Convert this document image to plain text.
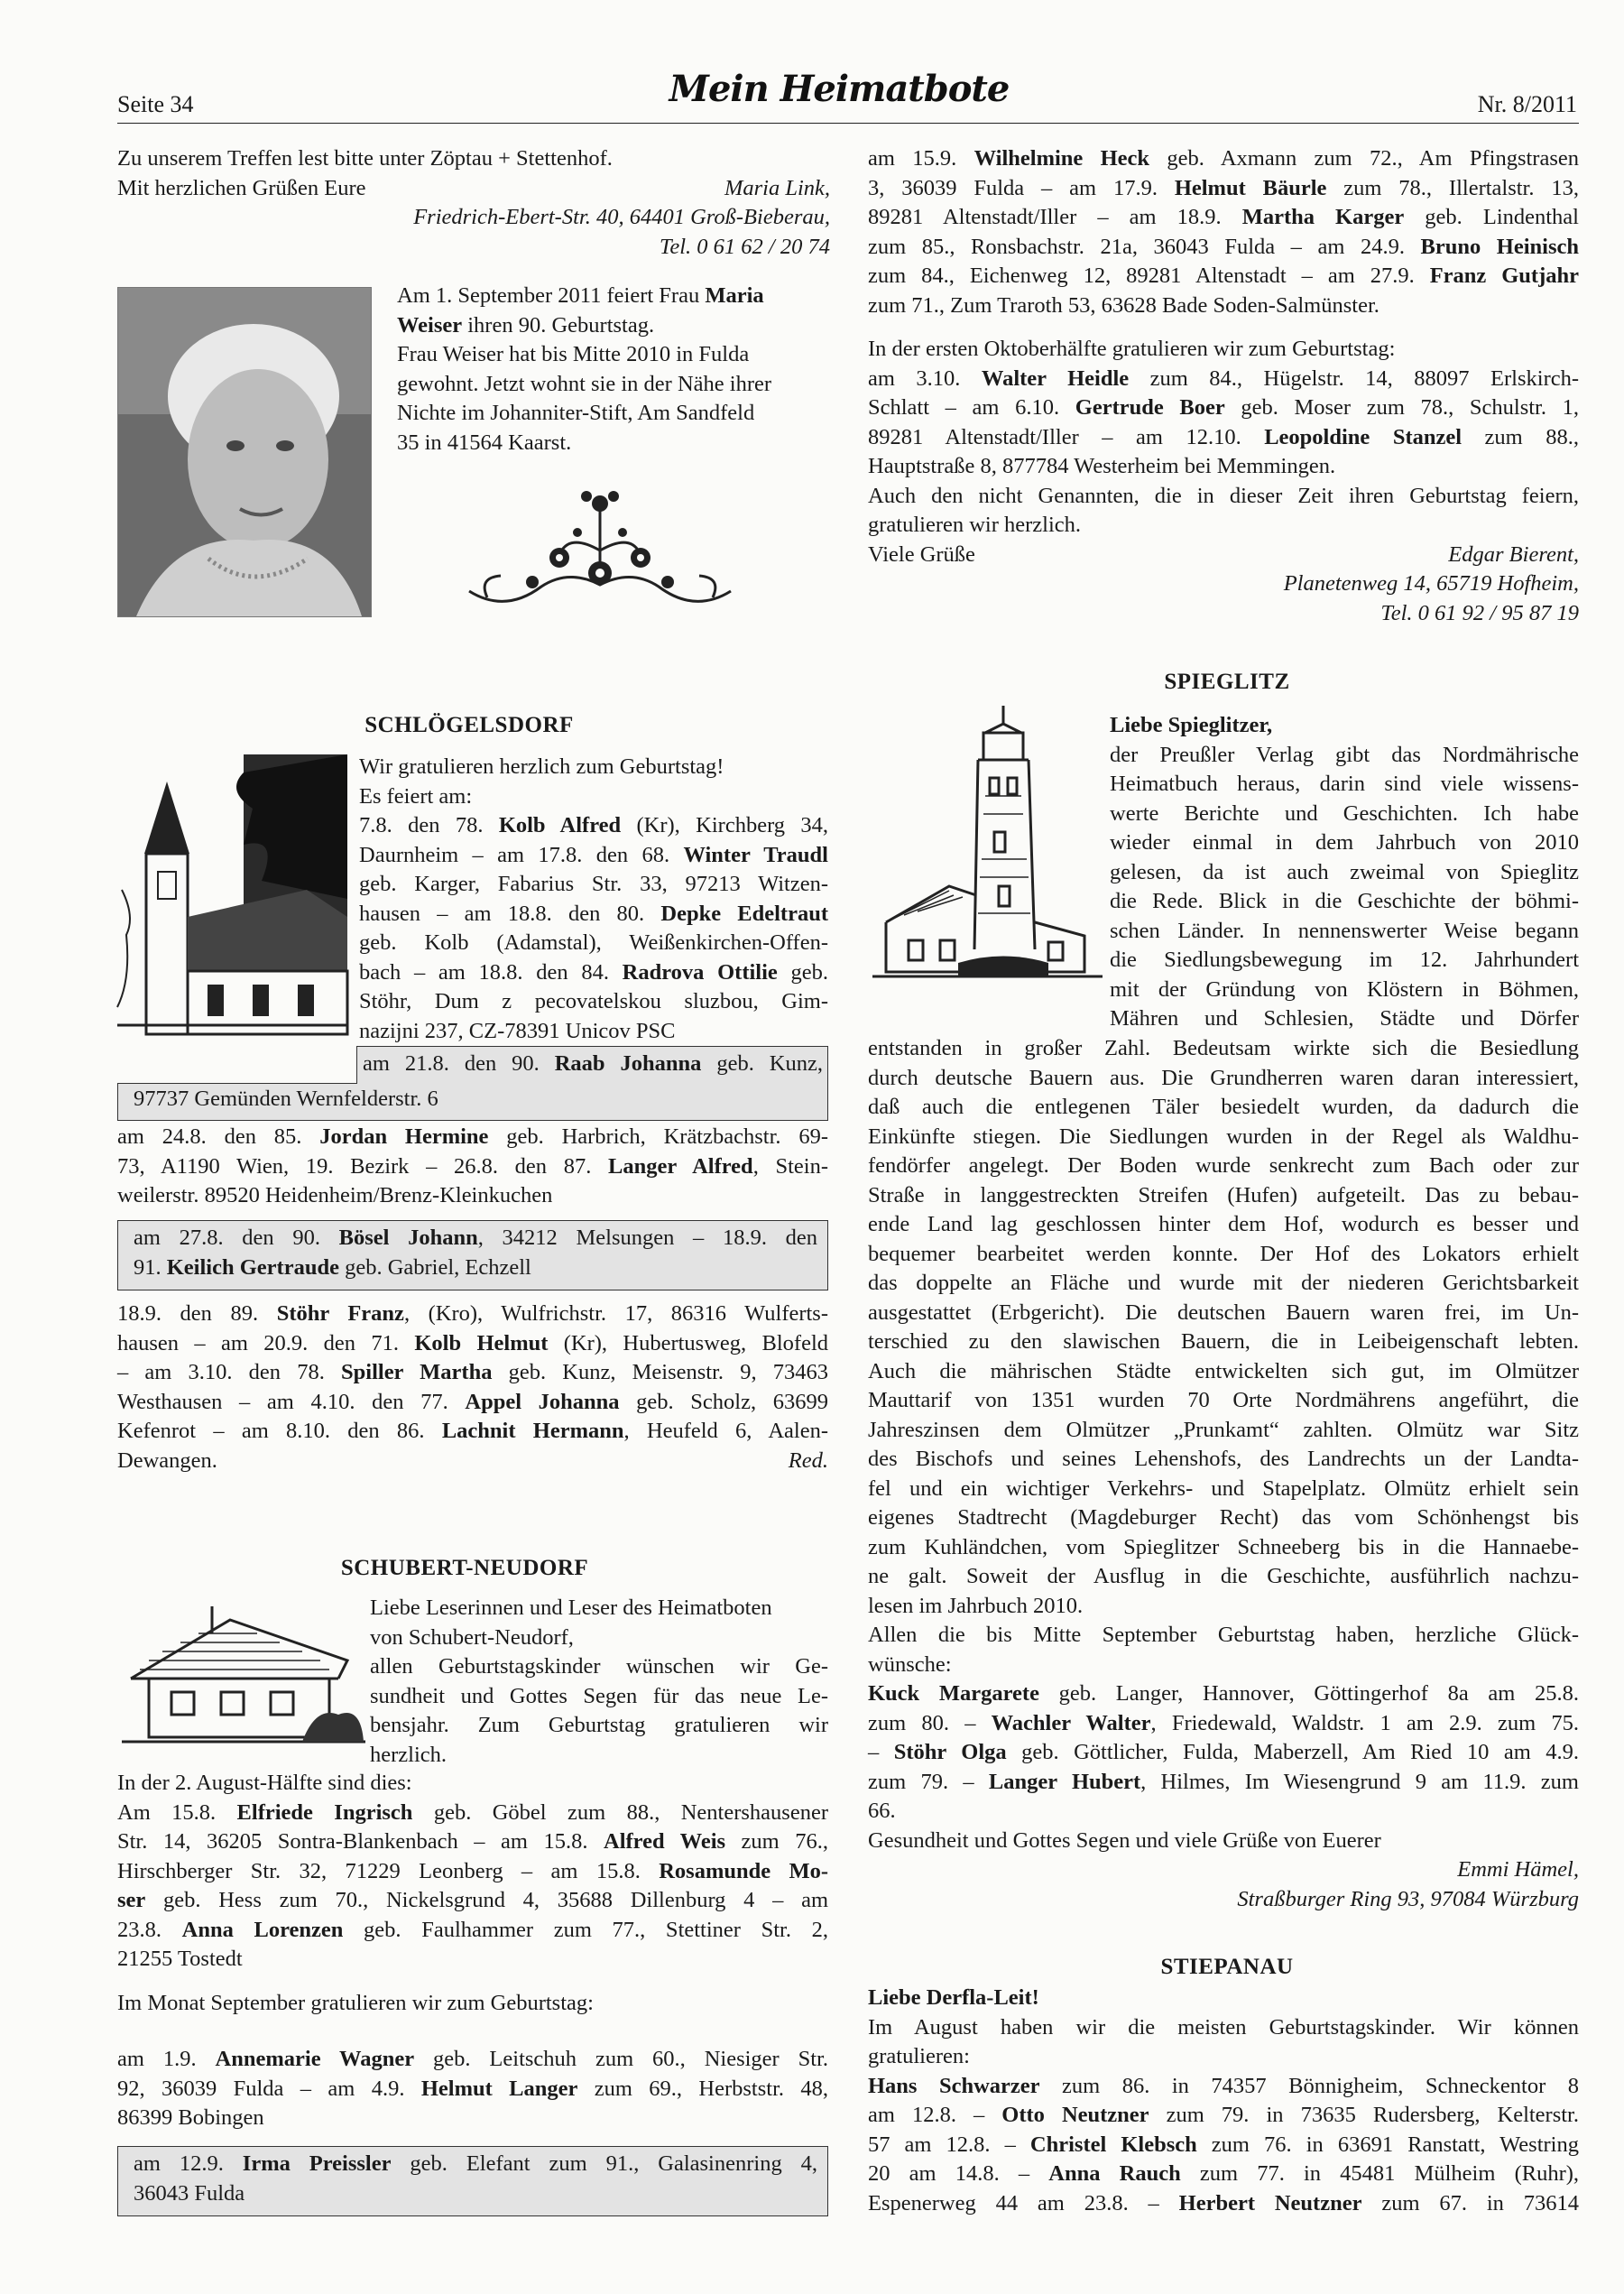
Seite 34	Mein Heimatbote	Nr. 8/2011

Zu unserem Treffen lest bitte unter Zöptau + Stettenhof.

Mit herzlichen Grüßen Eure	Maria Link,

Friedrich-Ebert-Str. 40, 64401 Groß-Bieberau,

Tel. 0 61 62 / 20 74

Am 1. September 2011 feiert Frau Maria

Weiser ihren 90. Geburtstag.

Frau Weiser hat bis Mitte 2010 in Fulda

gewohnt. Jetzt wohnt sie in der Nähe ihrer

Nichte im Johanniter-Stift, Am Sandfeld

35 in 41564 Kaarst.

SCHLÖGELSDORF

Wir gratulieren herzlich zum Geburtstag!

Es feiert am:

7.8. den 78. Kolb Alfred (Kr), Kirchberg 34,

Daurnheim – am 17.8. den 68. Winter Traudl

geb. Karger, Fabarius Str. 33, 97213 Witzen-

hausen – am 18.8. den 80. Depke Edeltraut

geb. Kolb (Adamstal), Weißenkirchen-Offen-

bach – am 18.8. den 84. Radrova Ottilie geb.

Stöhr, Dum z pecovatelskou sluzbou, Gim-

nazijni 237, CZ-78391 Unicov PSC

am 21.8. den 90. Raab Johanna geb. Kunz,

97737 Gemünden Wernfelderstr. 6

am 24.8. den 85. Jordan Hermine geb. Harbrich, Krätzbachstr. 69-

73, A1190 Wien, 19. Bezirk – 26.8. den 87. Langer Alfred, Stein-

weilerstr. 89520 Heidenheim/Brenz-Kleinkuchen

am 27.8. den 90. Bösel Johann, 34212 Melsungen – 18.9. den

91. Keilich Gertraude geb. Gabriel, Echzell

18.9. den 89. Stöhr Franz, (Kro), Wulfrichstr. 17, 86316 Wulferts-

hausen – am 20.9. den 71. Kolb Helmut (Kr), Hubertusweg, Blofeld

– am 3.10. den 78. Spiller Martha geb. Kunz, Meisenstr. 9, 73463

Westhausen – am 4.10. den 77. Appel Johanna geb. Scholz, 63699

Kefenrot – am 8.10. den 86. Lachnit Hermann, Heufeld 6, Aalen-

Dewangen.	Red.
SCHUBERT-NEUDORF

Liebe Leserinnen und Leser des Heimatboten

von Schubert-Neudorf,

allen Geburtstagskinder wünschen wir Ge-

sundheit und Gottes Segen für das neue Le-

bensjahr. Zum Geburtstag gratulieren wir

herzlich.

In der 2. August-Hälfte sind dies:

Am 15.8. Elfriede Ingrisch geb. Göbel zum 88., Nentershausener

Str. 14, 36205 Sontra-Blankenbach – am 15.8. Alfred Weis zum 76.,

Hirschberger Str. 32, 71229 Leonberg – am 15.8. Rosamunde Mo-

ser geb. Hess zum 70., Nickelsgrund 4, 35688 Dillenburg 4 – am

23.8. Anna Lorenzen geb. Faulhammer zum 77., Stettiner Str. 2,

21255 Tostedt

Im Monat September gratulieren wir zum Geburtstag:

am 1.9. Annemarie Wagner geb. Leitschuh zum 60., Niesiger Str.

92, 36039 Fulda – am 4.9. Helmut Langer zum 69., Herbststr. 48,

86399 Bobingen

am 12.9. Irma Preissler geb. Elefant zum 91., Galasinenring 4,

36043 Fulda

am 15.9. Wilhelmine Heck geb. Axmann zum 72., Am Pfingstrasen

3, 36039 Fulda – am 17.9. Helmut Bäurle zum 78., Illertalstr. 13,

89281 Altenstadt/Iller – am 18.9. Martha Karger geb. Lindenthal

zum 85., Ronsbachstr. 21a, 36043 Fulda – am 24.9. Bruno Heinisch

zum 84., Eichenweg 12, 89281 Altenstadt – am 27.9. Franz Gutjahr

zum 71., Zum Traroth 53, 63628 Bade Soden-Salmünster.

In der ersten Oktoberhälfte gratulieren wir zum Geburtstag:

am 3.10. Walter Heidle zum 84., Hügelstr. 14, 88097 Erlskirch-

Schlatt – am 6.10. Gertrude Boer geb. Moser zum 78., Schulstr. 1,

89281 Altenstadt/Iller – am 12.10. Leopoldine Stanzel zum 88.,

Hauptstraße 8, 877784 Westerheim bei Memmingen.

Auch den nicht Genannten, die in dieser Zeit ihren Geburtstag feiern,

gratulieren wir herzlich.

Viele Grüße	Edgar Bierent,

Planetenweg 14, 65719 Hofheim,

Tel. 0 61 92 / 95 87 19

SPIEGLITZ

Liebe Spieglitzer,

der Preußler Verlag gibt das Nordmährische

Heimatbuch heraus, darin sind viele wissens-

werte Berichte und Geschichten. Ich habe

wieder einmal in dem Jahrbuch von 2010

gelesen, da ist auch zweimal von Spieglitz

die Rede. Blick in die Geschichte der böhmi-

schen Länder. In nennenswerter Weise begann

die Siedlungsbewegung im 12. Jahrhundert

mit der Gründung von Klöstern in Böhmen,

Mähren und Schlesien, Städte und Dörfer

entstanden in großer Zahl. Bedeutsam wirkte sich die Besiedlung

durch deutsche Bauern aus. Die Grundherren waren daran interessiert,

daß auch die entlegenen Täler besiedelt wurden, da dadurch die

Einkünfte stiegen. Die Siedlungen wurden in der Regel als Waldhu-

fendörfer angelegt. Der Boden wurde senkrecht zum Bach oder zur

Straße in langgestreckten Streifen (Hufen) aufgeteilt. Das zu bebau-

ende Land lag geschlossen hinter dem Hof, wodurch es besser und

bequemer bearbeitet werden konnte. Der Hof des Lokators erhielt

das doppelte an Fläche und wurde mit der niederen Gerichtsbarkeit

ausgestattet (Erbgericht). Die deutschen Bauern waren frei, im Un-

terschied zu den slawischen Bauern, die in Leibeigenschaft lebten.

Auch die mährischen Städte entwickelten sich gut, im Olmützer

Mauttarif von 1351 wurden 70 Orte Nordmährens angeführt, die

Jahreszinsen dem Olmützer „Prunkamt“ zahlten. Olmütz war Sitz

des Bischofs und seines Lehenshofs, des Landrechts un der Landta-

fel und ein wichtiger Verkehrs- und Stapelplatz. Olmütz erhielt sein

eigenes Stadtrecht (Magdeburger Recht) das vom Schönhengst bis

zum Kuhländchen, vom Spieglitzer Schneeberg bis in die Hannaebe-

ne galt. Soweit der Ausflug in die Geschichte, ausführlich nachzu-

lesen im Jahrbuch 2010.

Allen die bis Mitte September Geburtstag haben, herzliche Glück-

wünsche:

Kuck Margarete geb. Langer, Hannover, Göttingerhof 8a am 25.8.

zum 80. – Wachler Walter, Friedewald, Waldstr. 1 am 2.9. zum 75.

– Stöhr Olga geb. Göttlicher, Fulda, Maberzell, Am Ried 10 am 4.9.

zum 79. – Langer Hubert, Hilmes, Im Wiesengrund 9 am 11.9. zum

66.

Gesundheit und Gottes Segen und viele Grüße von Euerer

Emmi Hämel,

Straßburger Ring 93, 97084 Würzburg

STIEPANAU

Liebe Derfla-Leit!

Im August haben wir die meisten Geburtstagskinder. Wir können

gratulieren:

Hans Schwarzer zum 86. in 74357 Bönnigheim, Schneckentor 8

am 12.8. – Otto Neutzner zum 79. in 73635 Rudersberg, Kelterstr.

57 am 12.8. – Christel Klebsch zum 76. in 63691 Ranstatt, Westring

20 am 14.8. – Anna Rauch zum 77. in 45481 Mülheim (Ruhr),

Espenerweg 44 am 23.8. – Herbert Neutzner zum 67. in 73614
